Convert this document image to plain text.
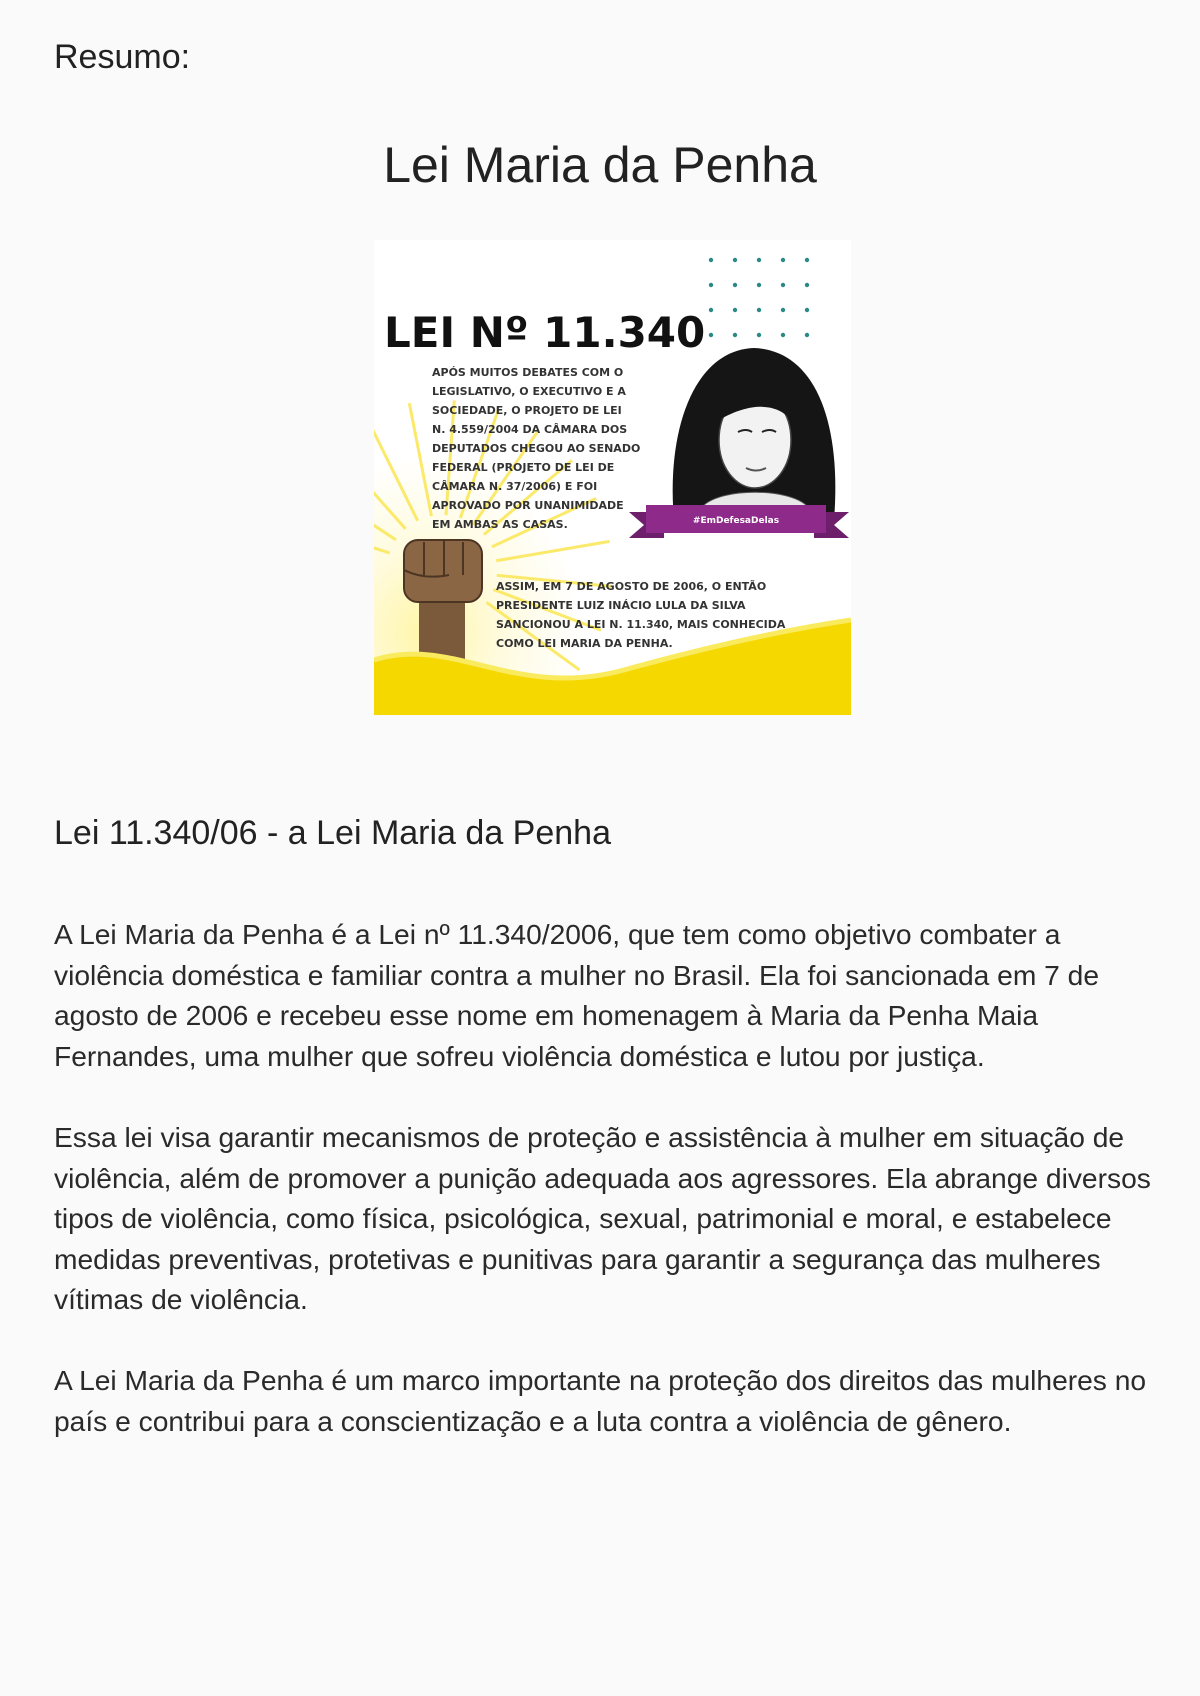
Resumo:

Lei Maria da Penha
LEI Nº 11.340
APÓS MUITOS DEBATES COM O
LEGISLATIVO, O EXECUTIVO E A
SOCIEDADE, O PROJETO DE LEI
N. 4.559/2004 DA CÂMARA DOS
DEPUTADOS CHEGOU AO SENADO
FEDERAL (PROJETO DE LEI DE
CÂMARA N. 37/2006) E FOI
APROVADO POR UNANIMIDADE
EM AMBAS AS CASAS.	#EmDefesaDelas
ASSIM, EM 7 DE AGOSTO DE 2006, O ENTÃO
PRESIDENTE LUIZ INÁCIO LULA DA SILVA
SANCIONOU A LEI N. 11.340, MAIS CONHECIDA
COMO LEI MARIA DA PENHA.
Lei 11.340/06 - a Lei Maria da Penha

A Lei Maria da Penha é a Lei nº 11.340/2006, que tem como objetivo combater a violência doméstica e familiar contra a mulher no Brasil. Ela foi sancionada em 7 de agosto de 2006 e recebeu esse nome em homenagem à Maria da Penha Maia Fernandes, uma mulher que sofreu violência doméstica e lutou por justiça.

Essa lei visa garantir mecanismos de proteção e assistência à mulher em situação de violência, além de promover a punição adequada aos agressores. Ela abrange diversos tipos de violência, como física, psicológica, sexual, patrimonial e moral, e estabelece medidas preventivas, protetivas e punitivas para garantir a segurança das mulheres vítimas de violência.

A Lei Maria da Penha é um marco importante na proteção dos direitos das mulheres no país e contribui para a conscientização e a luta contra a violência de gênero.
